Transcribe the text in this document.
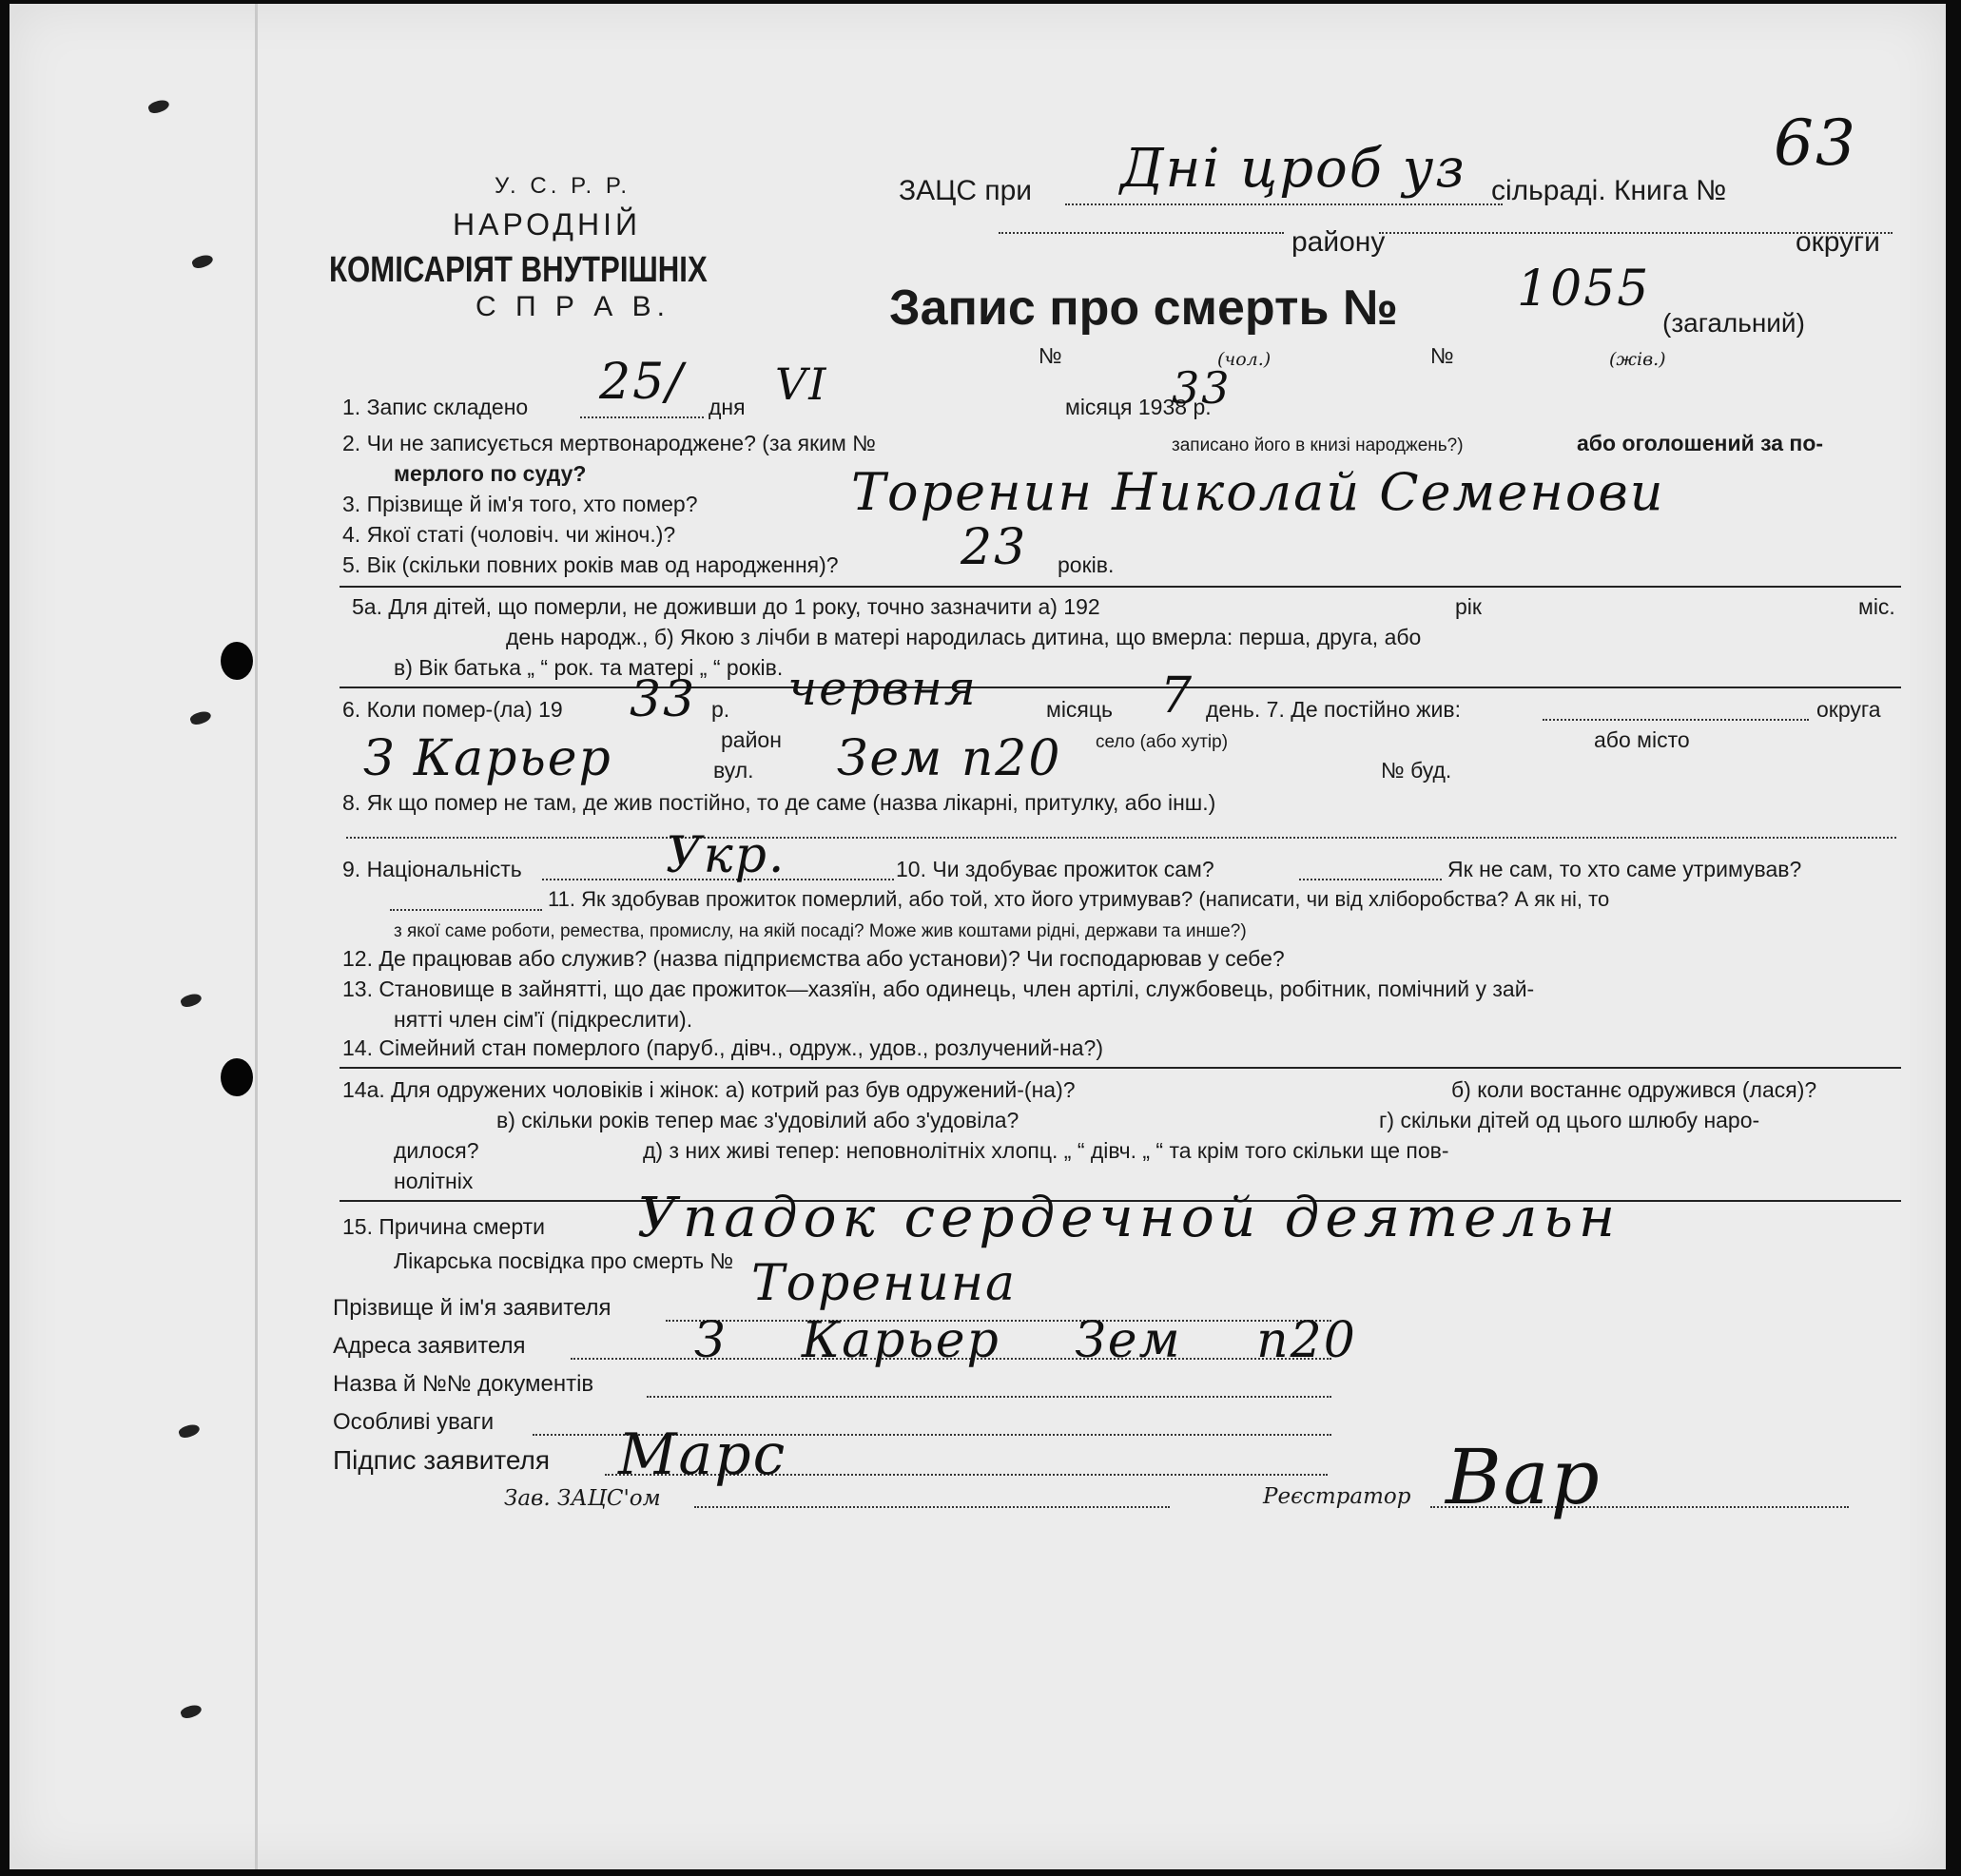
У. С. Р. Р.
НАРОДНІЙ
КОМІСАРІЯТ ВНУТРІШНІХ
С П Р А В.
ЗАЦС при Дні цроб уз сільраді. Книга №
63
району	округи
Запис про смерть № 1055
(загальний)
№	(чол.)	№	(жів.)
1. Запис складено 25/ дня VI	місяця 1938 р.
33
2. Чи не записується мертвонароджене? (за яким №	записано його в книзі народжень?)	або оголошений за по-
мерлого по суду?
3. Прізвище й ім'я того, хто помер?	Торенин Николай Семенови
4. Якої статі (чоловіч. чи жіноч.)?
5. Вік (скільки повних років мав од народження)? 23 років.
5а. Для дітей, що померли, не доживши до 1 року, точно зазначити а) 192	рік	міс.
день народж., б) Якою з лічби в матері народилась дитина, що вмерла: перша, друга, або
в) Вік батька „ “ рок. та матері „ “ років.
6. Коли помер-(ла) 19 33 р. червня	місяць 7 день. 7. Де постійно жив:	округа
район	село (або хутір)	або місто
З Карьер	вул. Зем п20	№ буд.
8. Як що помер не там, де жив постійно, то де саме (назва лікарні, притулку, або інш.)
9. Національність	Укр.	10. Чи здобуває прожиток сам?	Як не сам, то хто саме утримував?
11. Як здобував прожиток померлий, або той, хто його утримував? (написати, чи від хліборобства? А як ні, то
з якої саме роботи, ремества, промислу, на якій посаді? Може жив коштами рідні, держави та инше?)
12. Де працював або служив? (назва підприємства або установи)? Чи господарював у себе?
13. Становище в зайнятті, що дає прожиток—хазяїн, або одинець, член артілі, службовець, робітник, помічний у зай-
нятті член сім'ї (підкреслити).
14. Сімейний стан померлого (паруб., дівч., одруж., удов., розлучений-на?)
14а. Для одружених чоловіків і жінок: а) котрий раз був одружений-(на)?	б) коли востаннє одружився (лася)?
в) скільки років тепер має з'удовілий або з'удовіла?	г) скільки дітей од цього шлюбу наро-
дилося?	д) з них живі тепер: неповнолітніх хлопц. „ “ дівч. „ “ та крім того скільки ще пов-
нолітніх
15. Причина смерти Упадок сердечной деятельн
Лікарська посвідка про смерть №
Прізвище й ім'я заявителя	Торенина
Адреса заявителя	З Карьер Зем п20
Назва й №№ документів
Особливі уваги
Підпис заявителя Марс
Зав. ЗАЦС'ом	Реєстратор Вар
